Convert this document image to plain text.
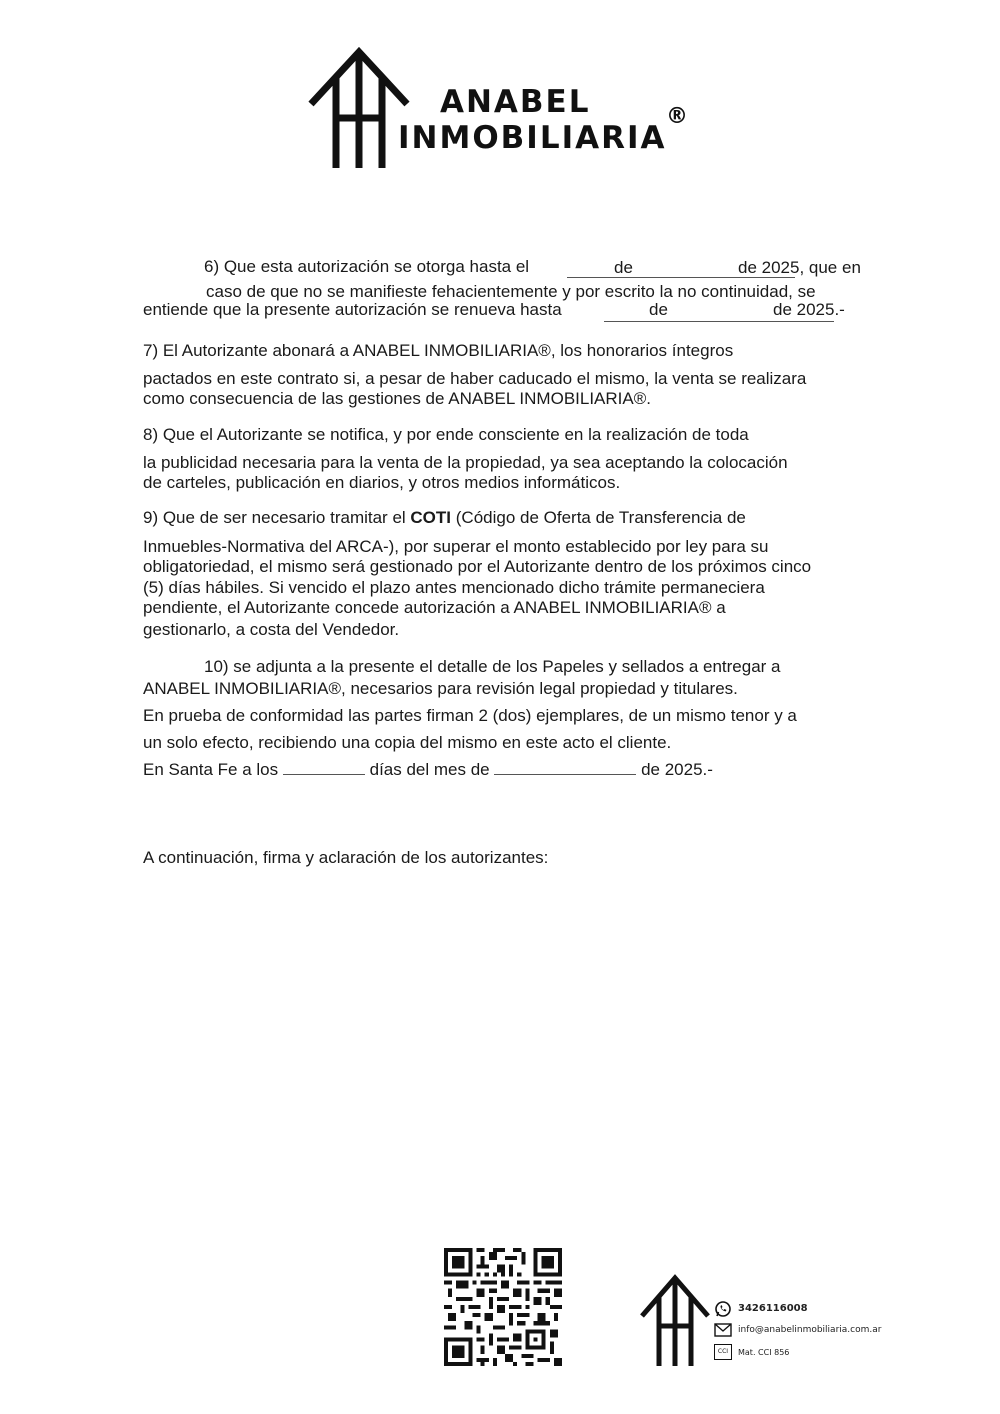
ANABEL
INMOBILIARIA
®
6) Que esta autorización se otorga hasta el	de	de 2025, que en
caso de que no se manifieste fehacientemente y por escrito la no continuidad, se
entiende que la presente autorización se renueva hasta	de	de 2025.-
7) El Autorizante abonará a ANABEL INMOBILIARIA®, los honorarios íntegros
pactados en este contrato si, a pesar de haber caducado el mismo, la venta se realizara
como consecuencia de las gestiones de ANABEL INMOBILIARIA®.
8) Que el Autorizante se notifica, y por ende consciente en la realización de toda
la publicidad necesaria para la venta de la propiedad, ya sea aceptando la colocación
de carteles, publicación en diarios, y otros medios informáticos.
9) Que de ser necesario tramitar el COTI (Código de Oferta de Transferencia de
Inmuebles-Normativa del ARCA-), por superar el monto establecido por ley para su
obligatoriedad, el mismo será gestionado por el Autorizante dentro de los próximos cinco
(5) días hábiles. Si vencido el plazo antes mencionado dicho trámite permaneciera
pendiente, el Autorizante concede autorización a ANABEL INMOBILIARIA® a
gestionarlo, a costa del Vendedor.
10) se adjunta a la presente el detalle de los Papeles y sellados a entregar a
ANABEL INMOBILIARIA®, necesarios para revisión legal propiedad y titulares.
En prueba de conformidad las partes firman 2 (dos) ejemplares, de un mismo tenor y a
un solo efecto, recibiendo una copia del mismo en este acto el cliente.
En Santa Fe a los	días del mes de	de 2025.-
A continuación, firma y aclaración de los autorizantes:
3426116008
info@anabelinmobiliaria.com.ar
CCI	Mat. CCI 856
